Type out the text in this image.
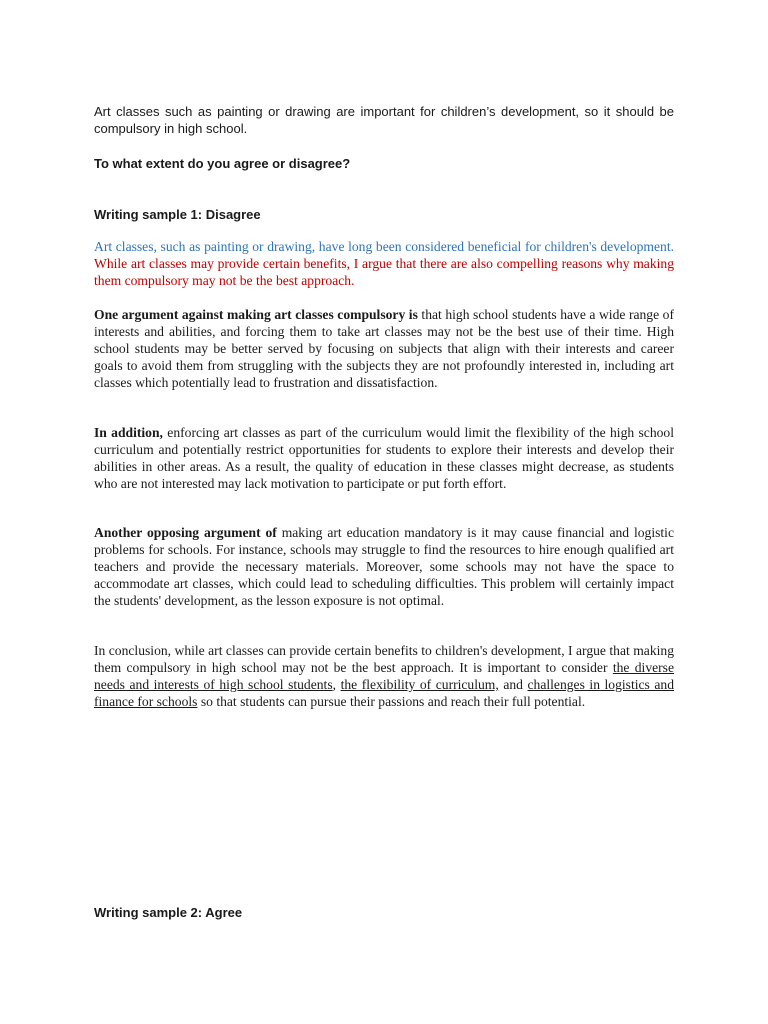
Art classes such as painting or drawing are important for children’s development, so it should be compulsory in high school.

To what extent do you agree or disagree?

Writing sample 1: Disagree

Art classes, such as painting or drawing, have long been considered beneficial for children's development. While art classes may provide certain benefits, I argue that there are also compelling reasons why making them compulsory may not be the best approach.

One argument against making art classes compulsory is that high school students have a wide range of interests and abilities, and forcing them to take art classes may not be the best use of their time. High school students may be better served by focusing on subjects that align with their interests and career goals to avoid them from struggling with the subjects they are not profoundly interested in, including art classes which potentially lead to frustration and dissatisfaction.

In addition, enforcing art classes as part of the curriculum would limit the flexibility of the high school curriculum and potentially restrict opportunities for students to explore their interests and develop their abilities in other areas. As a result, the quality of education in these classes might decrease, as students who are not interested may lack motivation to participate or put forth effort.

Another opposing argument of making art education mandatory is it may cause financial and logistic problems for schools. For instance, schools may struggle to find the resources to hire enough qualified art teachers and provide the necessary materials. Moreover, some schools may not have the space to accommodate art classes, which could lead to scheduling difficulties. This problem will certainly impact the students' development, as the lesson exposure is not optimal.

In conclusion, while art classes can provide certain benefits to children's development, I argue that making them compulsory in high school may not be the best approach. It is important to consider the diverse needs and interests of high school students, the flexibility of curriculum, and challenges in logistics and finance for schools so that students can pursue their passions and reach their full potential.

Writing sample 2: Agree
